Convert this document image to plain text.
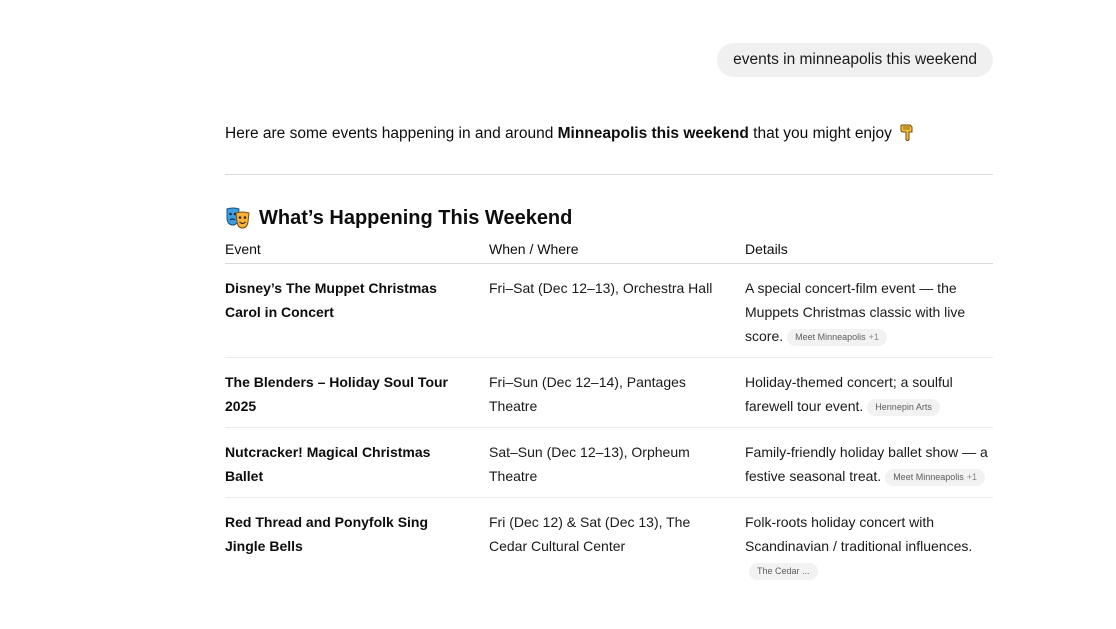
events in minneapolis this weekend

Here are some events happening in and around Minneapolis this weekend that you might enjoy

What’s Happening This Weekend
Event	When / Where	Details
Disney’s The Muppet Christmas Carol in Concert	Fri–Sat (Dec 12–13), Orchestra Hall	A special concert‑film event — the Muppets Christmas classic with live score. Meet Minneapolis +1
The Blenders – Holiday Soul Tour 2025	Fri–Sun (Dec 12–14), Pantages Theatre	Holiday‑themed concert; a soulful farewell tour event. Hennepin Arts
Nutcracker! Magical Christmas Ballet	Sat–Sun (Dec 12–13), Orpheum Theatre	Family‑friendly holiday ballet show — a festive seasonal treat. Meet Minneapolis +1
Red Thread and Ponyfolk Sing Jingle Bells	Fri (Dec 12) & Sat (Dec 13), The Cedar Cultural Center	Folk‑roots holiday concert with Scandinavian / traditional influences.The Cedar ...
